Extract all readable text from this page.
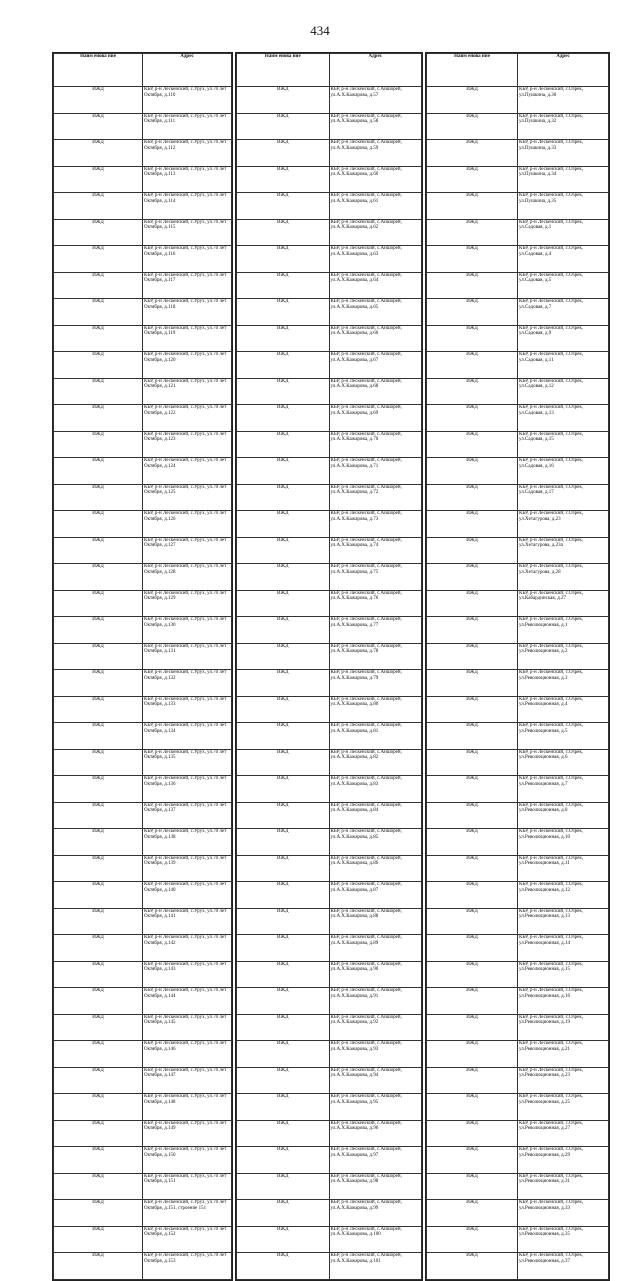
434
Наим енова ние	Адрес
ИЖД	КБР, р-н Лескенский, с.Урух, ул.70 лет Октября, д.110
ИЖД	КБР, р-н Лескенский, с.Урух, ул.70 лет Октября, д.111
ИЖД	КБР, р-н Лескенский, с.Урух, ул.70 лет Октября, д.112
ИЖД	КБР, р-н Лескенский, с.Урух, ул.70 лет Октября, д.113
ИЖД	КБР, р-н Лескенский, с.Урух, ул.70 лет Октября, д.114
ИЖД	КБР, р-н Лескенский, с.Урух, ул.70 лет Октября, д.115
ИЖД	КБР, р-н Лескенский, с.Урух, ул.70 лет Октября, д.116
ИЖД	КБР, р-н Лескенский, с.Урух, ул.70 лет Октября, д.117
ИЖД	КБР, р-н Лескенский, с.Урух, ул.70 лет Октября, д.118
ИЖД	КБР, р-н Лескенский, с.Урух, ул.70 лет Октября, д.119
ИЖД	КБР, р-н Лескенский, с.Урух, ул.70 лет Октября, д.120
ИЖД	КБР, р-н Лескенский, с.Урух, ул.70 лет Октября, д.121
ИЖД	КБР, р-н Лескенский, с.Урух, ул.70 лет Октября, д.122
ИЖД	КБР, р-н Лескенский, с.Урух, ул.70 лет Октября, д.123
ИЖД	КБР, р-н Лескенский, с.Урух, ул.70 лет Октября, д.124
ИЖД	КБР, р-н Лескенский, с.Урух, ул.70 лет Октября, д.125
ИЖД	КБР, р-н Лескенский, с.Урух, ул.70 лет Октября, д.126
ИЖД	КБР, р-н Лескенский, с.Урух, ул.70 лет Октября, д.127
ИЖД	КБР, р-н Лескенский, с.Урух, ул.70 лет Октября, д.128
ИЖД	КБР, р-н Лескенский, с.Урух, ул.70 лет Октября, д.129
ИЖД	КБР, р-н Лескенский, с.Урух, ул.70 лет Октября, д.130
ИЖД	КБР, р-н Лескенский, с.Урух, ул.70 лет Октября, д.131
ИЖД	КБР, р-н Лескенский, с.Урух, ул.70 лет Октября, д.132
ИЖД	КБР, р-н Лескенский, с.Урух, ул.70 лет Октября, д.133
ИЖД	КБР, р-н Лескенский, с.Урух, ул.70 лет Октября, д.134
ИЖД	КБР, р-н Лескенский, с.Урух, ул.70 лет Октября, д.135
ИЖД	КБР, р-н Лескенский, с.Урух, ул.70 лет Октября, д.136
ИЖД	КБР, р-н Лескенский, с.Урух, ул.70 лет Октября, д.137
ИЖД	КБР, р-н Лескенский, с.Урух, ул.70 лет Октября, д.138
ИЖД	КБР, р-н Лескенский, с.Урух, ул.70 лет Октября, д.139
ИЖД	КБР, р-н Лескенский, с.Урух, ул.70 лет Октября, д.140
ИЖД	КБР, р-н Лескенский, с.Урух, ул.70 лет Октября, д.141
ИЖД	КБР, р-н Лескенский, с.Урух, ул.70 лет Октября, д.142
ИЖД	КБР, р-н Лескенский, с.Урух, ул.70 лет Октября, д.143
ИЖД	КБР, р-н Лескенский, с.Урух, ул.70 лет Октября, д.144
ИЖД	КБР, р-н Лескенский, с.Урух, ул.70 лет Октября, д.145
ИЖД	КБР, р-н Лескенский, с.Урух, ул.70 лет Октября, д.146
ИЖД	КБР, р-н Лескенский, с.Урух, ул.70 лет Октября, д.147
ИЖД	КБР, р-н Лескенский, с.Урух, ул.70 лет Октября, д.148
ИЖД	КБР, р-н Лескенский, с.Урух, ул.70 лет Октября, д.149
ИЖД	КБР, р-н Лескенский, с.Урух, ул.70 лет Октября, д.150
ИЖД	КБР, р-н Лескенский, с.Урух, ул.70 лет Октября, д.151
ИЖД	КБР, р-н Лескенский, с.Урух, ул.70 лет Октября, д.151, строение 151
ИЖД	КБР, р-н Лескенский, с.Урух, ул.70 лет Октября, д.152
ИЖД	КБР, р-н Лескенский, с.Урух, ул.70 лет Октября, д.153
Наим енова ние	Адрес
ИЖД	КБР, р-н Лескенский, с.Аншорей, ул.А.Х.Кажарова, д.57
ИЖД	КБР, р-н Лескенский, с.Аншорей, ул.А.Х.Кажарова, д.58
ИЖД	КБР, р-н Лескенский, с.Аншорей, ул.А.Х.Кажарова, д.59
ИЖД	КБР, р-н Лескенский, с.Аншорей, ул.А.Х.Кажарова, д.60
ИЖД	КБР, р-н Лескенский, с.Аншорей, ул.А.Х.Кажарова, д.61
ИЖД	КБР, р-н Лескенский, с.Аншорей, ул.А.Х.Кажарова, д.62
ИЖД	КБР, р-н Лескенский, с.Аншорей, ул.А.Х.Кажарова, д.63
ИЖД	КБР, р-н Лескенский, с.Аншорей, ул.А.Х.Кажарова, д.64
ИЖД	КБР, р-н Лескенский, с.Аншорей, ул.А.Х.Кажарова, д.65
ИЖД	КБР, р-н Лескенский, с.Аншорей, ул.А.Х.Кажарова, д.66
ИЖД	КБР, р-н Лескенский, с.Аншорей, ул.А.Х.Кажарова, д.67
ИЖД	КБР, р-н Лескенский, с.Аншорей, ул.А.Х.Кажарова, д.68
ИЖД	КБР, р-н Лескенский, с.Аншорей, ул.А.Х.Кажарова, д.69
ИЖД	КБР, р-н Лескенский, с.Аншорей, ул.А.Х.Кажарова, д.70
ИЖД	КБР, р-н Лескенский, с.Аншорей, ул.А.Х.Кажарова, д.71
ИЖД	КБР, р-н Лескенский, с.Аншорей, ул.А.Х.Кажарова, д.72
ИЖД	КБР, р-н Лескенский, с.Аншорей, ул.А.Х.Кажарова, д.73
ИЖД	КБР, р-н Лескенский, с.Аншорей, ул.А.Х.Кажарова, д.74
ИЖД	КБР, р-н Лескенский, с.Аншорей, ул.А.Х.Кажарова, д.75
ИЖД	КБР, р-н Лескенский, с.Аншорей, ул.А.Х.Кажарова, д.76
ИЖД	КБР, р-н Лескенский, с.Аншорей, ул.А.Х.Кажарова, д.77
ИЖД	КБР, р-н Лескенский, с.Аншорей, ул.А.Х.Кажарова, д.78
ИЖД	КБР, р-н Лескенский, с.Аншорей, ул.А.Х.Кажарова, д.79
ИЖД	КБР, р-н Лескенский, с.Аншорей, ул.А.Х.Кажарова, д.80
ИЖД	КБР, р-н Лескенский, с.Аншорей, ул.А.Х.Кажарова, д.81
ИЖД	КБР, р-н Лескенский, с.Аншорей, ул.А.Х.Кажарова, д.82
ИЖД	КБР, р-н Лескенский, с.Аншорей, ул.А.Х.Кажарова, д.83
ИЖД	КБР, р-н Лескенский, с.Аншорей, ул.А.Х.Кажарова, д.84
ИЖД	КБР, р-н Лескенский, с.Аншорей, ул.А.Х.Кажарова, д.85
ИЖД	КБР, р-н Лескенский, с.Аншорей, ул.А.Х.Кажарова, д.86
ИЖД	КБР, р-н Лескенский, с.Аншорей, ул.А.Х.Кажарова, д.87
ИЖД	КБР, р-н Лескенский, с.Аншорей, ул.А.Х.Кажарова, д.88
ИЖД	КБР, р-н Лескенский, с.Аншорей, ул.А.Х.Кажарова, д.89
ИЖД	КБР, р-н Лескенский, с.Аншорей, ул.А.Х.Кажарова, д.90
ИЖД	КБР, р-н Лескенский, с.Аншорей, ул.А.Х.Кажарова, д.91
ИЖД	КБР, р-н Лескенский, с.Аншорей, ул.А.Х.Кажарова, д.92
ИЖД	КБР, р-н Лескенский, с.Аншорей, ул.А.Х.Кажарова, д.93
ИЖД	КБР, р-н Лескенский, с.Аншорей, ул.А.Х.Кажарова, д.94
ИЖД	КБР, р-н Лескенский, с.Аншорей, ул.А.Х.Кажарова, д.95
ИЖД	КБР, р-н Лескенский, с.Аншорей, ул.А.Х.Кажарова, д.96
ИЖД	КБР, р-н Лескенский, с.Аншорей, ул.А.Х.Кажарова, д.97
ИЖД	КБР, р-н Лескенский, с.Аншорей, ул.А.Х.Кажарова, д.98
ИЖД	КБР, р-н Лескенский, с.Аншорей, ул.А.Х.Кажарова, д.99
ИЖД	КБР, р-н Лескенский, с.Аншорей, ул.А.Х.Кажарова, д.100
ИЖД	КБР, р-н Лескенский, с.Аншорей, ул.А.Х.Кажарова, д.101
Наим енова ние	Адрес
ИЖД	КБР, р-н Лескенский, с.Озрек, ул.Пушкина, д.30
ИЖД	КБР, р-н Лескенский, с.Озрек, ул.Пушкина, д.32
ИЖД	КБР, р-н Лескенский, с.Озрек, ул.Пушкина, д.33
ИЖД	КБР, р-н Лескенский, с.Озрек, ул.Пушкина, д.34
ИЖД	КБР, р-н Лескенский, с.Озрек, ул.Пушкина, д.35
ИЖД	КБР, р-н Лескенский, с.Озрек, ул.Садовая, д.1
ИЖД	КБР, р-н Лескенский, с.Озрек, ул.Садовая, д.4
ИЖД	КБР, р-н Лескенский, с.Озрек, ул.Садовая, д.5
ИЖД	КБР, р-н Лескенский, с.Озрек, ул.Садовая, д.7
ИЖД	КБР, р-н Лескенский, с.Озрек, ул.Садовая, д.9
ИЖД	КБР, р-н Лескенский, с.Озрек, ул.Садовая, д.11
ИЖД	КБР, р-н Лескенский, с.Озрек, ул.Садовая, д.12
ИЖД	КБР, р-н Лескенский, с.Озрек, ул.Садовая, д.13
ИЖД	КБР, р-н Лескенский, с.Озрек, ул.Садовая, д.15
ИЖД	КБР, р-н Лескенский, с.Озрек, ул.Садовая, д.16
ИЖД	КБР, р-н Лескенский, с.Озрек, ул.Садовая, д.17
ИЖД	КБР, р-н Лескенский, с.Озрек, ул.Хетагурова, д.23
ИЖД	КБР, р-н Лескенский, с.Озрек, ул.Хетагурова, д.23а
ИЖД	КБР, р-н Лескенский, с.Озрек, ул.Хетагурова, д.28
ИЖД	КБР, р-н Лескенский, с.Озрек, ул.Кабардинская, д.27
ИЖД	КБР, р-н Лескенский, с.Озрек, ул.Революционная, д.1
ИЖД	КБР, р-н Лескенский, с.Озрек, ул.Революционная, д.2
ИЖД	КБР, р-н Лескенский, с.Озрек, ул.Революционная, д.3
ИЖД	КБР, р-н Лескенский, с.Озрек, ул.Революционная, д.4
ИЖД	КБР, р-н Лескенский, с.Озрек, ул.Революционная, д.5
ИЖД	КБР, р-н Лескенский, с.Озрек, ул.Революционная, д.6
ИЖД	КБР, р-н Лескенский, с.Озрек, ул.Революционная, д.7
ИЖД	КБР, р-н Лескенский, с.Озрек, ул.Революционная, д.8
ИЖД	КБР, р-н Лескенский, с.Озрек, ул.Революционная, д.10
ИЖД	КБР, р-н Лескенский, с.Озрек, ул.Революционная, д.11
ИЖД	КБР, р-н Лескенский, с.Озрек, ул.Революционная, д.12
ИЖД	КБР, р-н Лескенский, с.Озрек, ул.Революционная, д.13
ИЖД	КБР, р-н Лескенский, с.Озрек, ул.Революционная, д.14
ИЖД	КБР, р-н Лескенский, с.Озрек, ул.Революционная, д.15
ИЖД	КБР, р-н Лескенский, с.Озрек, ул.Революционная, д.16
ИЖД	КБР, р-н Лескенский, с.Озрек, ул.Революционная, д.19
ИЖД	КБР, р-н Лескенский, с.Озрек, ул.Революционная, д.21
ИЖД	КБР, р-н Лескенский, с.Озрек, ул.Революционная, д.23
ИЖД	КБР, р-н Лескенский, с.Озрек, ул.Революционная, д.25
ИЖД	КБР, р-н Лескенский, с.Озрек, ул.Революционная, д.27
ИЖД	КБР, р-н Лескенский, с.Озрек, ул.Революционная, д.29
ИЖД	КБР, р-н Лескенский, с.Озрек, ул.Революционная, д.31
ИЖД	КБР, р-н Лескенский, с.Озрек, ул.Революционная, д.33
ИЖД	КБР, р-н Лескенский, с.Озрек, ул.Революционная, д.35
ИЖД	КБР, р-н Лескенский, с.Озрек, ул.Революционная, д.37
